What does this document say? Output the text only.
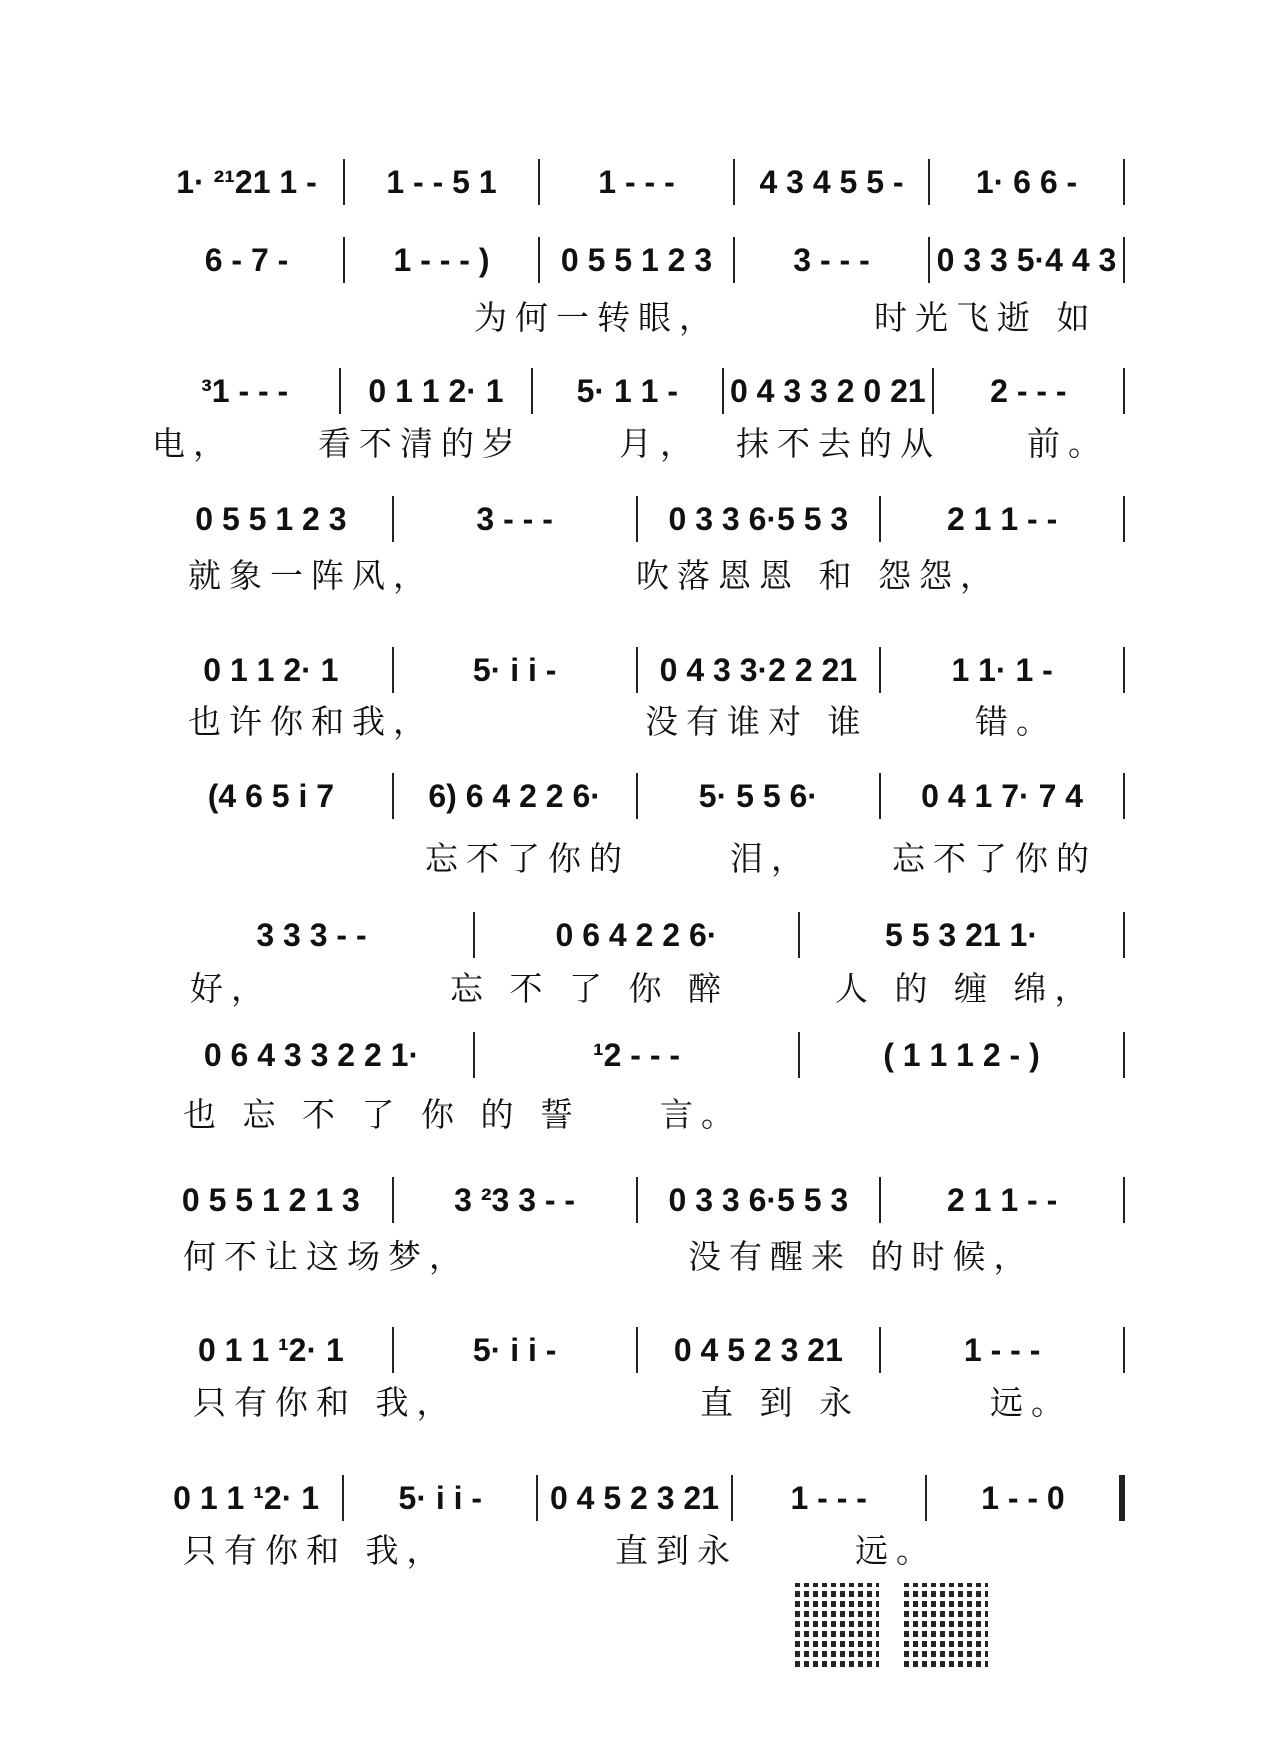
1· ²¹21 1 -	1 - - 5 1	1 - - -	4 3 4 5 5 -	1· 6 6 -
6 - 7 -	1 - - - )	0 5 5 1 2 3	3 - - -	0 3 3 5·4 4 3
为何一转眼，	时光飞逝 如
³1 - - -	0 1 1 2· 1	5· 1 1 -	0 4 3 3 2 0 21	2 - - -
电，	看不清的岁	月， 抹不去的从	前。
0 5 5 1 2 3	3 - - -	0 3 3 6·5 5 3	2 1 1 - -
就象一阵风，	吹落恩恩 和 怨怨，
0 1 1 2· 1	5· i i -	0 4 3 3·2 2 21	1 1· 1 -
也许你和我，	没有谁对 谁	错。
(4 6 5 i 7	6) 6 4 2 2 6·	5· 5 5 6·	0 4 1 7· 7 4
忘不了你的	泪， 忘不了你的
3 3 3 - -	0 6 4 2 2 6·	5 5 3 21 1·
好，	忘 不 了 你 醉	人 的 缠 绵，
0 6 4 3 3 2 2 1·	¹2 - - -	( 1 1 1 2 - )
也 忘 不 了 你 的 誓 言。
0 5 5 1 2 1 3	3 ²3 3 - -	0 3 3 6·5 5 3	2 1 1 - -
何不让这场梦，	没有醒来 的时候，
0 1 1 ¹2· 1	5· i i -	0 4 5 2 3 21	1 - - -
只有你和 我，	直 到 永	远。
0 1 1 ¹2· 1	5· i i -	0 4 5 2 3 21	1 - - -	1 - - 0
只有你和 我，	直到永	远。
